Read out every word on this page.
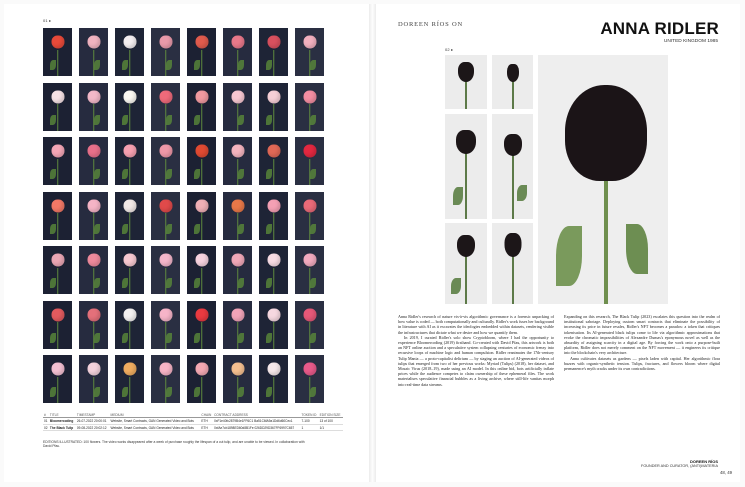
01 ▸
#	TITLE	TIMESTAMP	MEDIUM	CHAIN	CONTRACT ADDRESS	TOKEN ID	EDITION SIZE
01	Bloomercoding	26-07-2022 20:00:01	Website, Smart Contracts, GAN Generated Video and Bots	ETH	0xF1e40fc2879B4e1FF6C1 Ba51C6fA9a1Dd6d60Cec1	7-100	13 of 100
02	The Black Tulip	09-08-2022 20:02:12	Website, Smart Contracts, GAN Generated Video and Bots	ETH	0xfAe7cb1898ED60d8B1Fe 026DD29D367FF6997C657	1	1/1
EDITIONS ILLUSTRATED: 100 flowers. The video works disappeared after a week of purchase roughly the lifespan of a cut tulip, and are unable to be viewed. In collaboration with David Pfau.
DOREEN RÍOS ON	ANNA RIDLER
UNITED KINGDOM 1985
02 ▸

Anna Ridler's research of nature vis-à-vis algorithmic governance is a forensic unpacking of how value is coded — both computationally and culturally. Ridler's work fuses her background in literature with AI as it excavates the ideologies embedded within datasets, rendering visible the infrastructures that dictate what we desire and how we quantify them.

In 2019, I curated Ridler's solo show Cryptobloom, where I had the opportunity to experience Bloomercoding (2019) firsthand. Co-created with David Pfau, this artwork is both an NFT online auction and a speculative system collapsing centuries of economic frenzy into recursive loops of machine logic and human compulsion. Ridler reanimates the 17th-century Tulip Mania — a proto-capitalist delirium — by staging an auction of AI-generated videos of tulips that emerged from two of her previous works: Myriad (Tulips) (2018), her dataset, and Mosaic Virus (2018–19), made using an AI model. In this online bid, bots artificially inflate prices while the audience competes to claim ownership of these ephemeral files. The work materialises speculative financial bubbles as a living archive, where still-life vanitas morph into real-time data streams.

Expanding on this research, The Black Tulip (2023) escalates this question into the realm of institutional sabotage. Deploying custom smart contracts that eliminate the possibility of increasing its price in future resales, Ridler's NFT becomes a paradox: a token that critiques tokenisation. Its AI-generated black tulips come to life via algorithmic approximations that evoke the chromatic impossibilities of Alexandre Dumas's eponymous novel as well as the absurdity of assigning scarcity in a digital age. By forcing the work onto a purpose-built platform, Ridler does not merely comment on the NFT movement — it engineers its critique into the blockchain's very architecture.

Anna cultivates datasets as gardens — pixels laden with capital. Her algorithmic flora buzzes with organic-synthetic tension. Tulips, fractures, and flowers bloom where digital permanence's myth cracks under its own contradictions.

DOREEN RÍOS
FOUNDER AND CURATOR, (ANTI)MATERIA
48, 49
